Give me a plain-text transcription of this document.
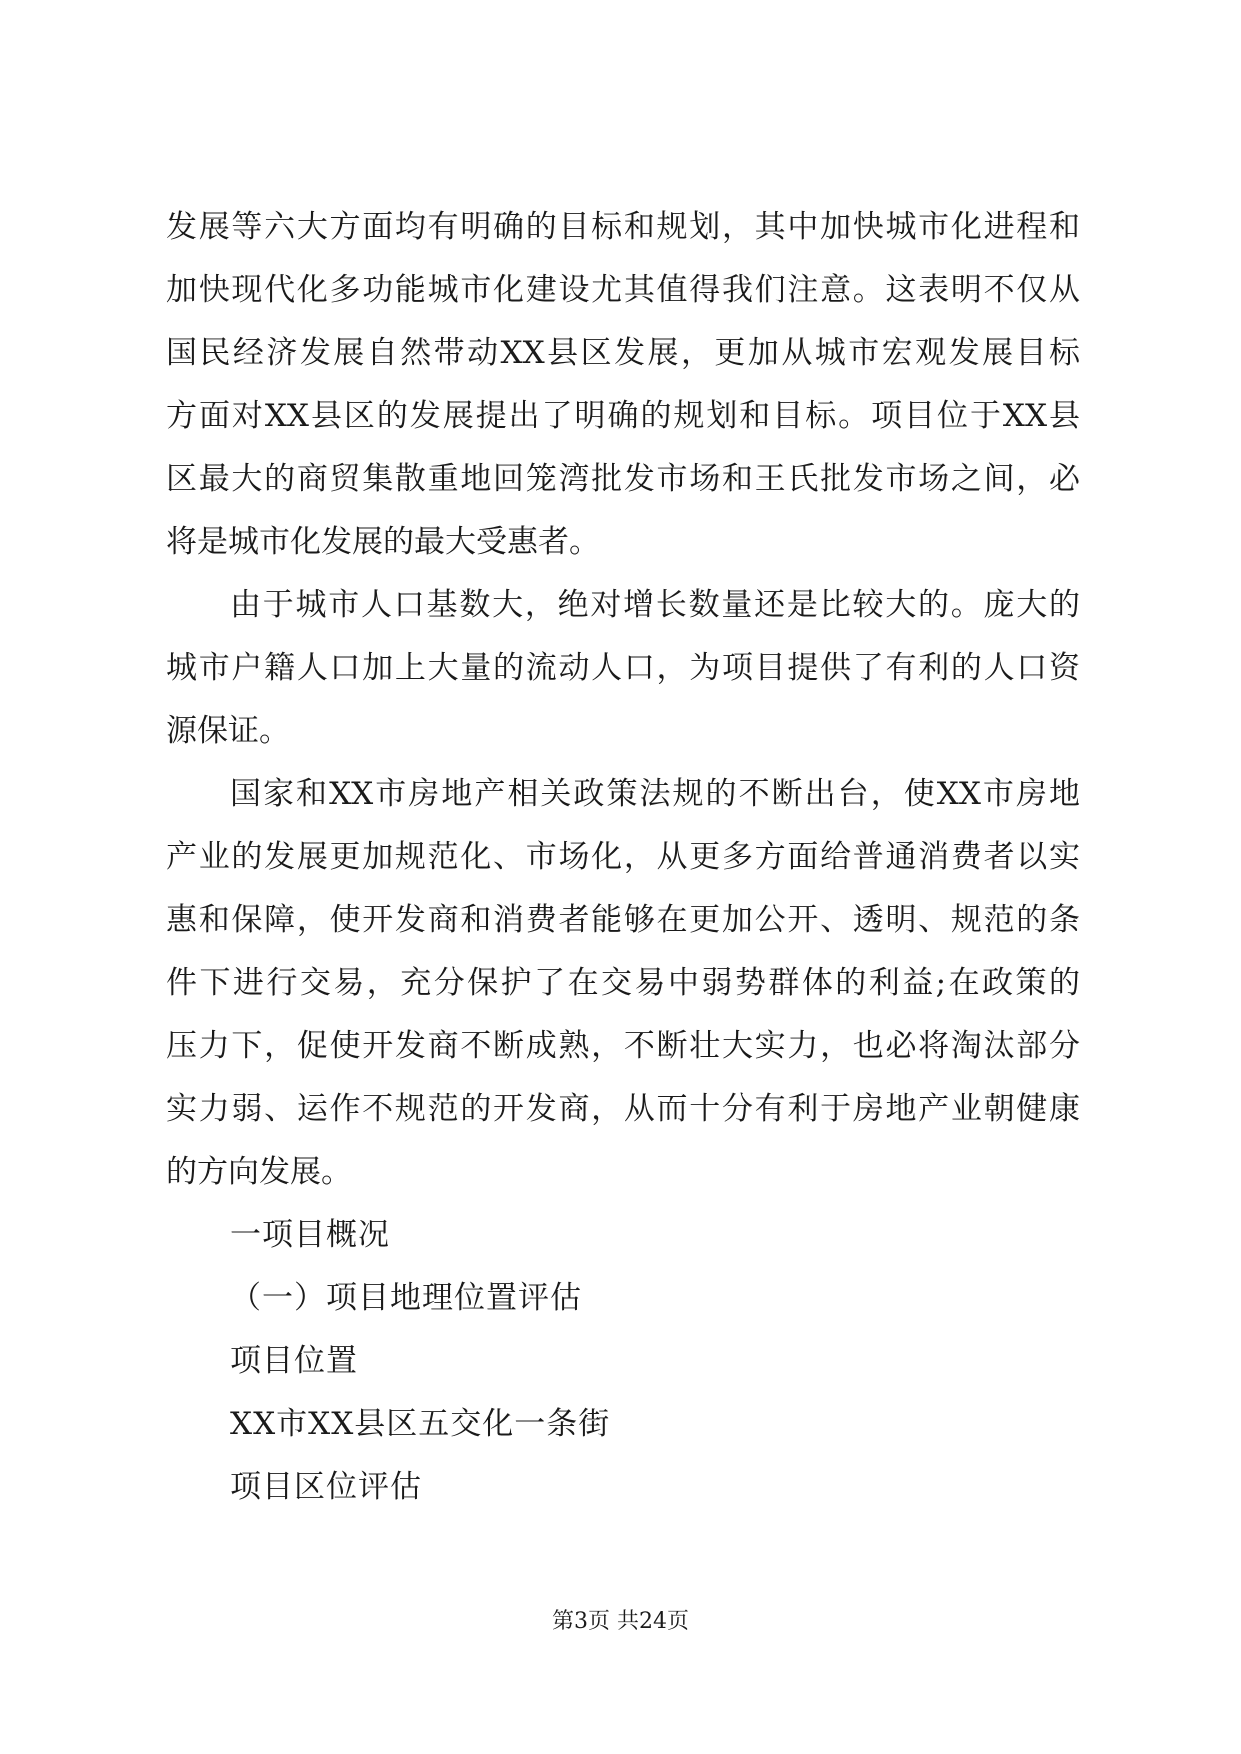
发展等六大方面均有明确的目标和规划，其中加快城市化进程和
加快现代化多功能城市化建设尤其值得我们注意。这表明不仅从
国民经济发展自然带动XX县区发展，更加从城市宏观发展目标
方面对XX县区的发展提出了明确的规划和目标。项目位于XX县
区最大的商贸集散重地回笼湾批发市场和王氏批发市场之间，必
将是城市化发展的最大受惠者。
由于城市人口基数大，绝对增长数量还是比较大的。庞大的
城市户籍人口加上大量的流动人口，为项目提供了有利的人口资
源保证。
国家和XX市房地产相关政策法规的不断出台，使XX市房地
产业的发展更加规范化、市场化，从更多方面给普通消费者以实
惠和保障，使开发商和消费者能够在更加公开、透明、规范的条
件下进行交易，充分保护了在交易中弱势群体的利益;在政策的
压力下，促使开发商不断成熟，不断壮大实力，也必将淘汰部分
实力弱、运作不规范的开发商，从而十分有利于房地产业朝健康
的方向发展。
一项目概况
（一）项目地理位置评估
项目位置
XX市XX县区五交化一条街
项目区位评估
第3页 共24页
